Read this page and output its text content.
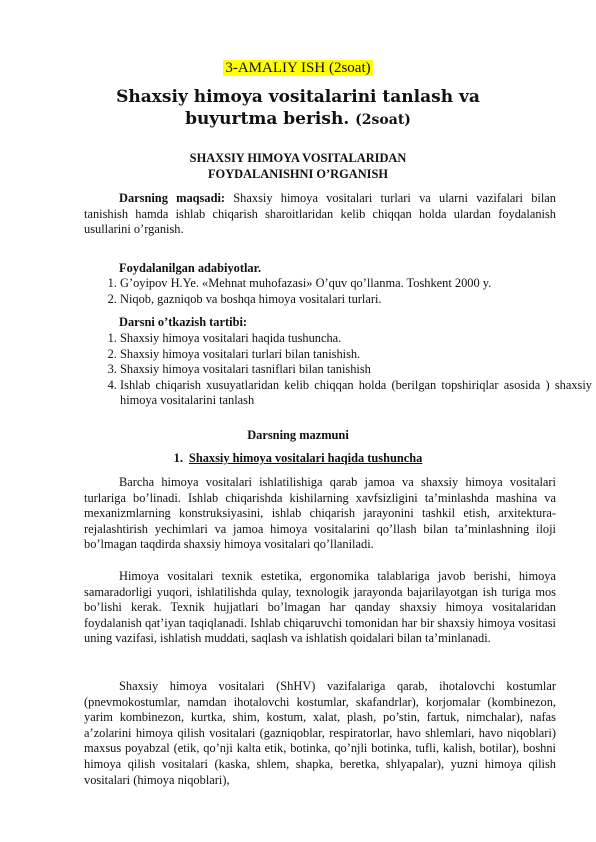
3-AMALIY ISH (2soat)
Shaxsiy himoya vositalarini tanlash va buyurtma berish. (2soat)
SHAXSIY HIMOYA VOSITALARIDAN
FOYDALANISHNI O’RGANISH
Darsning maqsadi: Shaxsiy himoya vositalari turlari va ularni vazifalari bilan tanishish hamda ishlab chiqarish sharoitlaridan kelib chiqqan holda ulardan foydalanish usullarini o’rganish.
Foydalanilgan adabiyotlar.
1. G’oyipov H.Ye. «Mehnat muhofazasi» O’quv qo’llanma. Toshkent 2000 y.
2. Niqob, gazniqob va boshqa himoya vositalari turlari.
Darsni o’tkazish tartibi:
1. Shaxsiy himoya vositalari haqida tushuncha.
2. Shaxsiy himoya vositalari turlari bilan tanishish.
3. Shaxsiy himoya vositalari tasniflari bilan tanishish
4. Ishlab chiqarish xusuyatlaridan kelib chiqqan holda (berilgan topshiriqlar asosida ) shaxsiy himoya vositalarini tanlash
Darsning mazmuni
1. Shaxsiy himoya vositalari haqida tushuncha
Barcha himoya vositalari ishlatilishiga qarab jamoa va shaxsiy himoya vositalari turlariga bo’linadi. Ishlab chiqarishda kishilarning xavfsizligini ta’minlashda mashina va mexanizmlarning konstruksiyasini, ishlab chiqarish jarayonini tashkil etish, arxitektura-rejalashtirish yechimlari va jamoa himoya vositalarini qo’llash bilan ta’minlashning iloji bo’lmagan taqdirda shaxsiy himoya vositalari qo’llaniladi.
Himoya vositalari texnik estetika, ergonomika talablariga javob berishi, himoya samaradorligi yuqori, ishlatilishda qulay, texnologik jarayonda bajarilayotgan ish turiga mos bo’lishi kerak. Texnik hujjatlari bo’lmagan har qanday shaxsiy himoya vositalaridan foydalanish qat’iyan taqiqlanadi. Ishlab chiqaruvchi tomonidan har bir shaxsiy himoya vositasi uning vazifasi, ishlatish muddati, saqlash va ishlatish qoidalari bilan ta’minlanadi.
Shaxsiy himoya vositalari (ShHV) vazifalariga qarab, ihotalovchi kostumlar (pnevmokostumlar, namdan ihotalovchi kostumlar, skafandrlar), korjomalar (kombinezon, yarim kombinezon, kurtka, shim, kostum, xalat, plash, po’stin, fartuk, nimchalar), nafas a’zolarini himoya qilish vositalari (gazniqoblar, respiratorlar, havo shlemlari, havo niqoblari) maxsus poyabzal (etik, qo’nji kalta etik, botinka, qo’njli botinka, tufli, kalish, botilar), boshni himoya qilish vositalari (kaska, shlem, shapka, beretka, shlyapalar), yuzni himoya qilish vositalari (himoya niqoblari),
